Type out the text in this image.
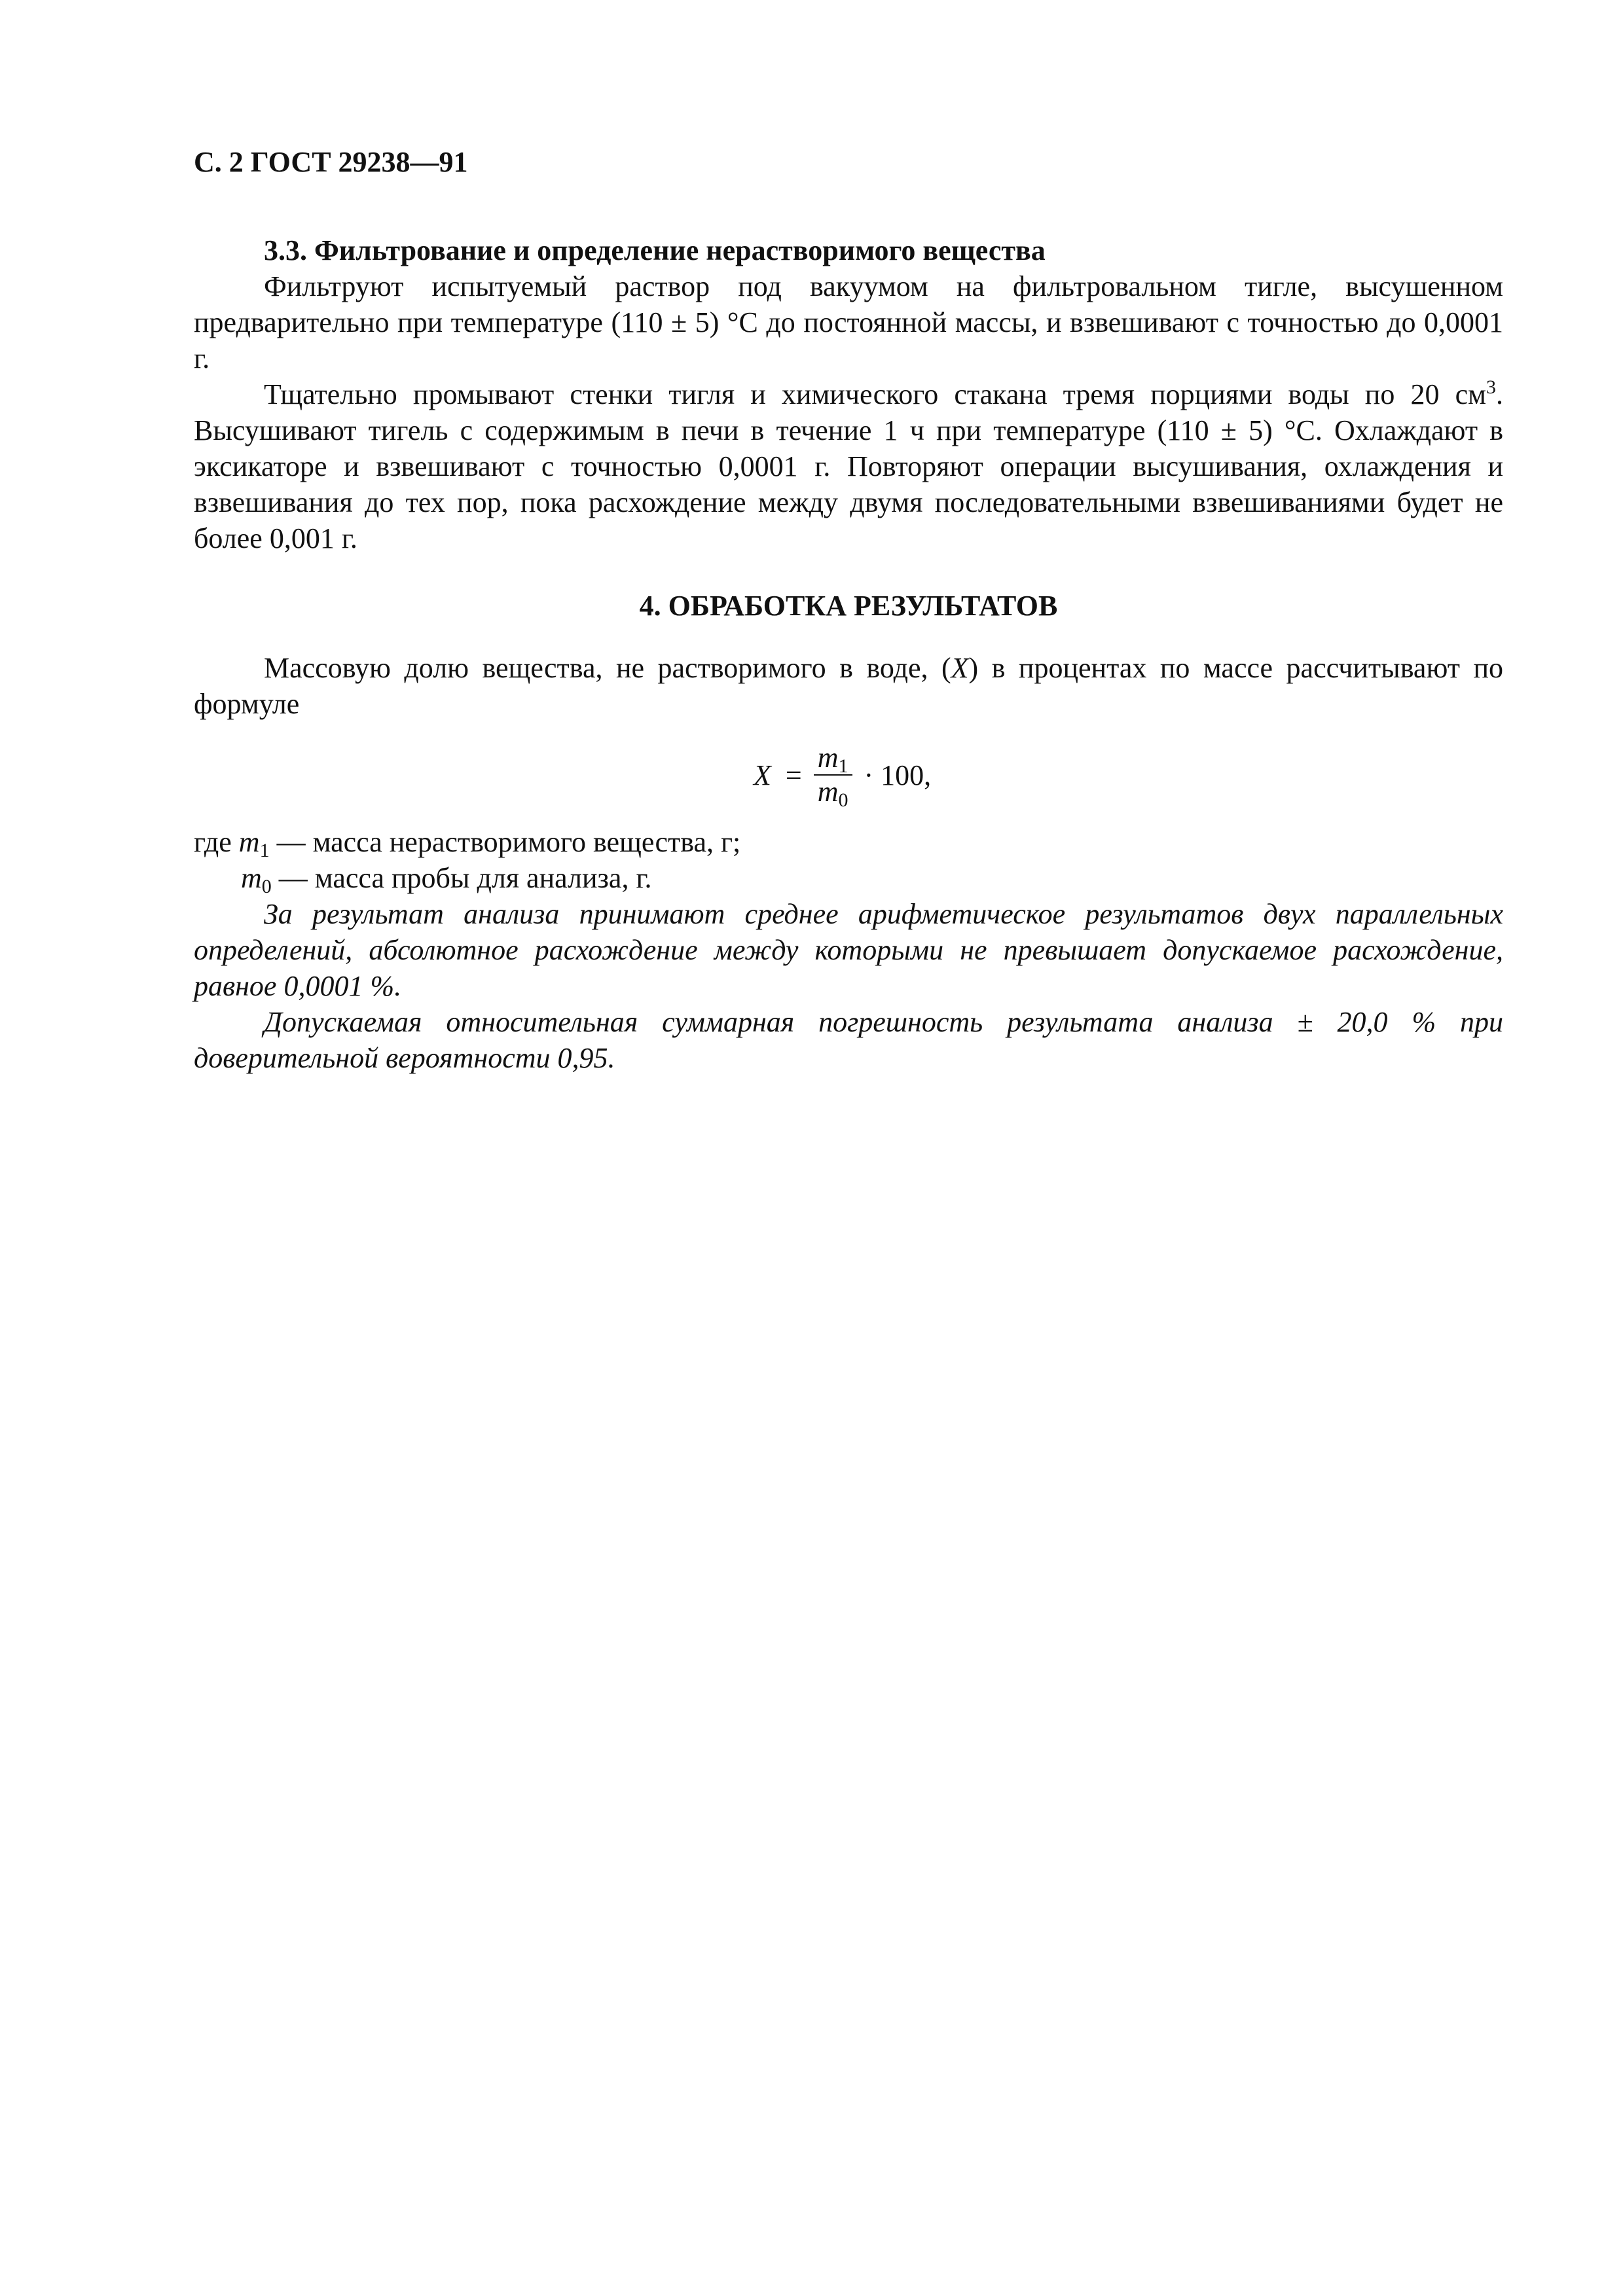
С. 2 ГОСТ 29238—91

3.3. Фильтрование и определение нерастворимого вещества

Фильтруют испытуемый раствор под вакуумом на фильтровальном тигле, высушенном предварительно при температуре (110 ± 5) °С до постоянной массы, и взвешивают с точностью до 0,0001 г.

Тщательно промывают стенки тигля и химического стакана тремя порциями воды по 20 $см^3$. Высушивают тигель с содержимым в печи в течение 1 ч при температуре (110 ± 5) °С. Охлаждают в эксикаторе и взвешивают с точностью 0,0001 г. Повторяют операции высушивания, охлаждения и взвешивания до тех пор, пока расхождение между двумя последовательными взвешиваниями будет не более 0,001 г.

4. ОБРАБОТКА РЕЗУЛЬТАТОВ

Массовую долю вещества, не растворимого в воде, (X) в процентах по массе рассчитывают по формуле

$X = \frac{m_1}{m_0} \cdot 100$,

где $m_1$ — масса нерастворимого вещества, г;

$m_0$ — масса пробы для анализа, г.

За результат анализа принимают среднее арифметическое результатов двух параллельных определений, абсолютное расхождение между которыми не превышает допускаемое расхождение, равное 0,0001 %.

Допускаемая относительная суммарная погрешность результата анализа ± 20,0 % при доверительной вероятности 0,95.
